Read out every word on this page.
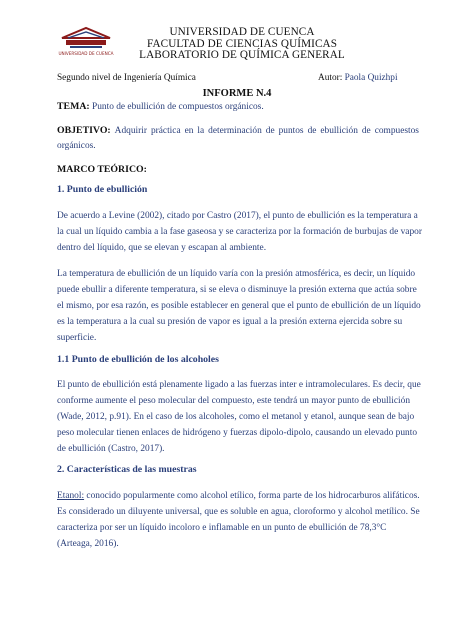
UNIVERSIDAD DE CUENCA
UNIVERSIDAD DE CUENCA
FACULTAD DE CIENCIAS QUÍMICAS
LABORATORIO DE QUÍMICA GENERAL
Segundo nivel de Ingeniería Química	Autor: Paola Quizhpi
INFORME N.4
TEMA: Punto de ebullición de compuestos orgánicos.
OBJETIVO: Adquirir práctica en la determinación de puntos de ebullición de compuestos
orgánicos.
MARCO TEÓRICO:
1. Punto de ebullición
De acuerdo a Levine (2002), citado por Castro (2017), el punto de ebullición es la temperatura a
la cual un líquido cambia a la fase gaseosa y se caracteriza por la formación de burbujas de vapor
dentro del líquido, que se elevan y escapan al ambiente.
La temperatura de ebullición de un líquido varía con la presión atmosférica, es decir, un líquido
puede ebullir a diferente temperatura, si se eleva o disminuye la presión externa que actúa sobre
el mismo, por esa razón, es posible establecer en general que el punto de ebullición de un líquido
es la temperatura a la cual su presión de vapor es igual a la presión externa ejercida sobre su
superficie.
1.1 Punto de ebullición de los alcoholes
El punto de ebullición está plenamente ligado a las fuerzas inter e intramoleculares. Es decir, que
conforme aumente el peso molecular del compuesto, este tendrá un mayor punto de ebullición
(Wade, 2012, p.91). En el caso de los alcoholes, como el metanol y etanol, aunque sean de bajo
peso molecular tienen enlaces de hidrógeno y fuerzas dipolo-dipolo, causando un elevado punto
de ebullición (Castro, 2017).
2. Características de las muestras
Etanol: conocido popularmente como alcohol etílico, forma parte de los hidrocarburos alifáticos.
Es considerado un diluyente universal, que es soluble en agua, cloroformo y alcohol metílico. Se
caracteriza por ser un líquido incoloro e inflamable en un punto de ebullición de 78,3°C
(Arteaga, 2016).
